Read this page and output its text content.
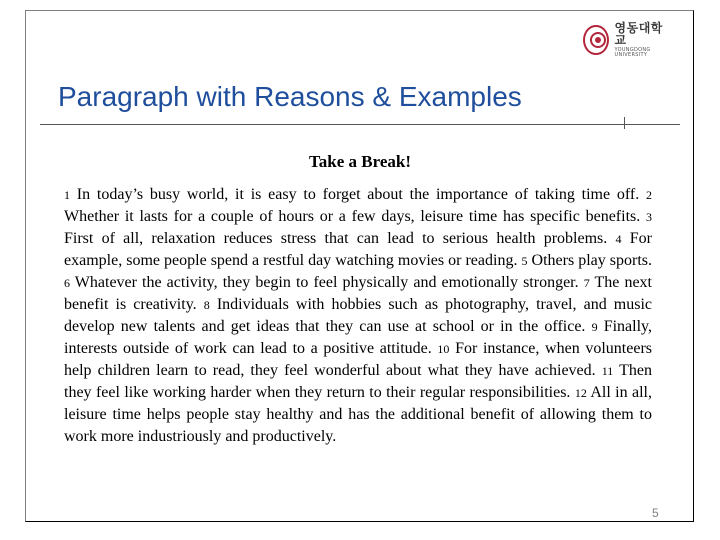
영동대학교
YOUNGDONG UNIVERSITY
Paragraph with Reasons & Examples
Take a Break!

1 In today’s busy world, it is easy to forget about the importance of taking time off. 2 Whether it lasts for a couple of hours or a few days, leisure time has specific benefits. 3 First of all, relaxation reduces stress that can lead to serious health problems. 4 For example, some people spend a restful day watching movies or reading. 5 Others play sports. 6 Whatever the activity, they begin to feel physically and emotionally stronger. 7 The next benefit is creativity. 8 Individuals with hobbies such as photography, travel, and music develop new talents and get ideas that they can use at school or in the office. 9 Finally, interests outside of work can lead to a positive attitude. 10 For instance, when volunteers help children learn to read, they feel wonderful about what they have achieved. 11 Then they feel like working harder when they return to their regular responsibilities. 12 All in all, leisure time helps people stay healthy and has the additional benefit of allowing them to work more industriously and productively.

5
